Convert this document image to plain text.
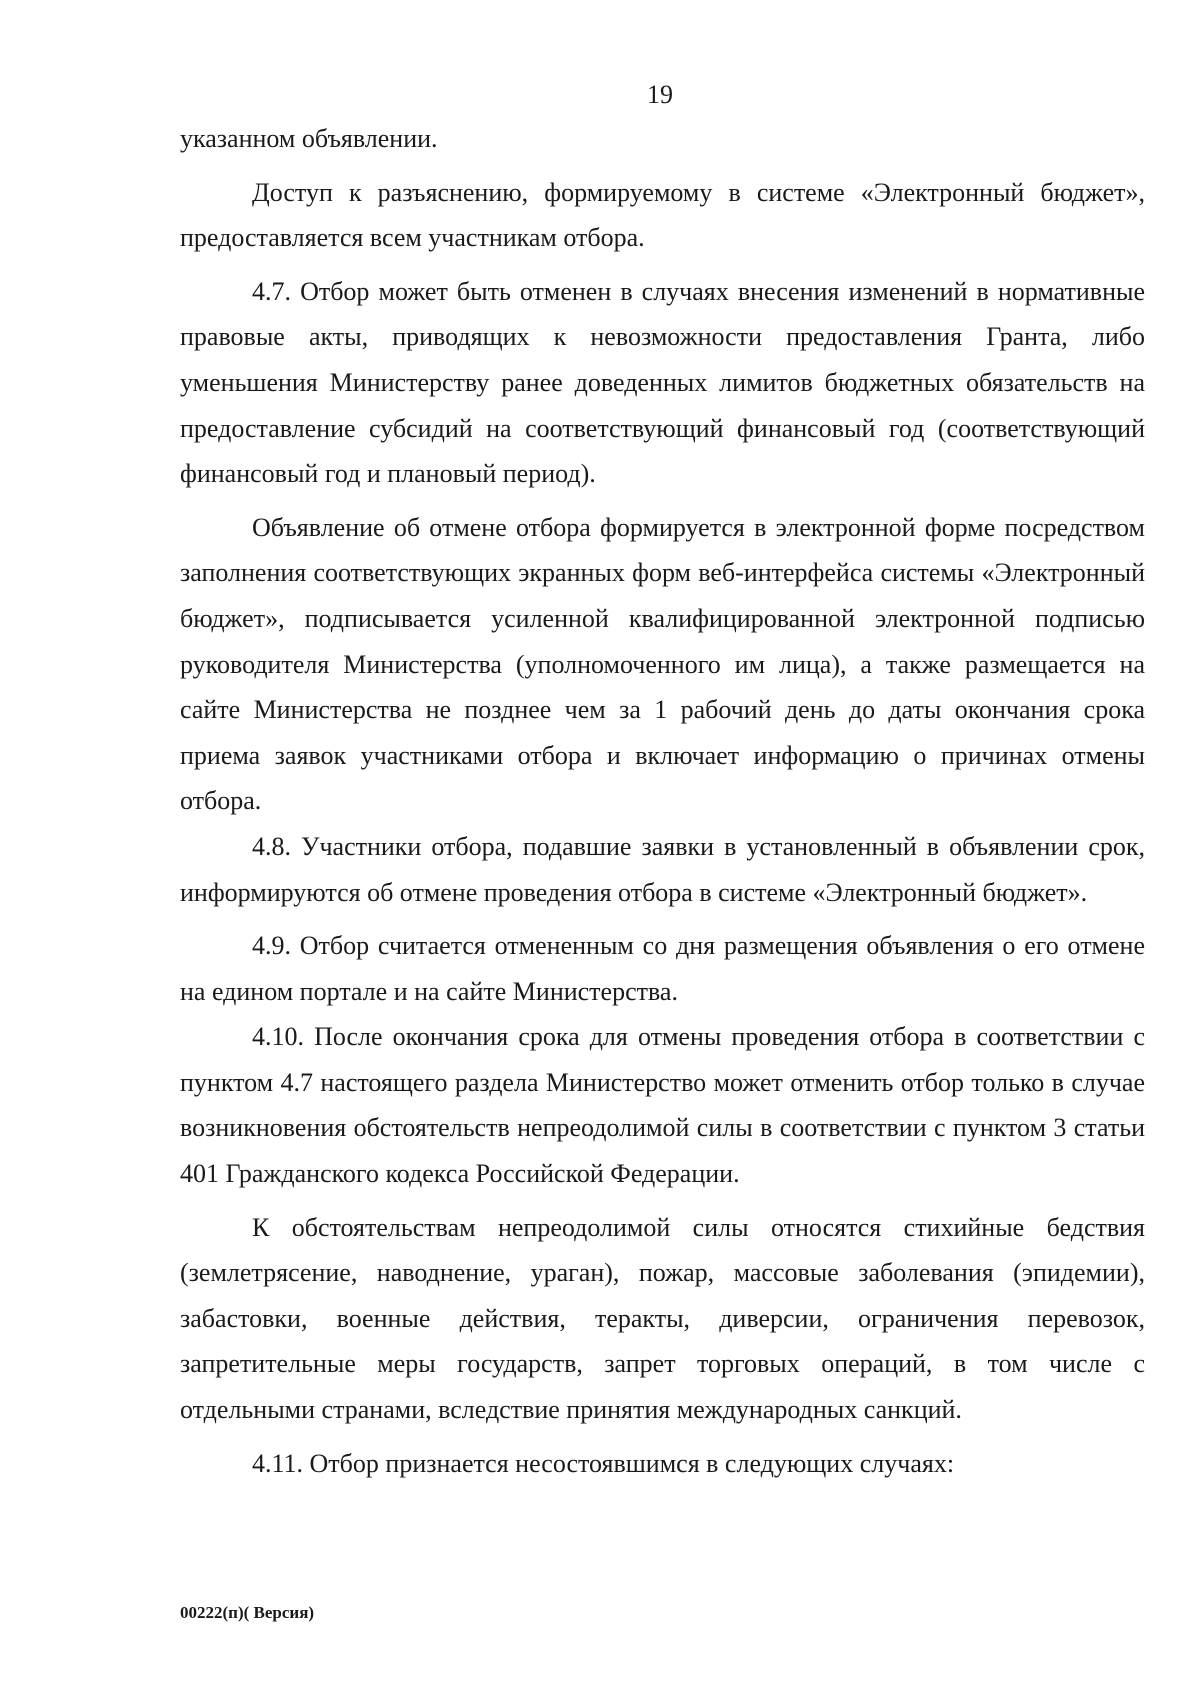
19

указанном объявлении.

Доступ к разъяснению, формируемому в системе «Электронный бюджет», предоставляется всем участникам отбора.

4.7. Отбор может быть отменен в случаях внесения изменений в нормативные правовые акты, приводящих к невозможности предоставления Гранта, либо уменьшения Министерству ранее доведенных лимитов бюджетных обязательств на предоставление субсидий на соответствующий финансовый год (соответствующий финансовый год и плановый период).

Объявление об отмене отбора формируется в электронной форме посредством заполнения соответствующих экранных форм веб-интерфейса системы «Электронный бюджет», подписывается усиленной квалифицированной электронной подписью руководителя Министерства (уполномоченного им лица), а также размещается на сайте Министерства не позднее чем за 1 рабочий день до даты окончания срока приема заявок участниками отбора и включает информацию о причинах отмены отбора.

4.8. Участники отбора, подавшие заявки в установленный в объявлении срок, информируются об отмене проведения отбора в системе «Электронный бюджет».

4.9. Отбор считается отмененным со дня размещения объявления о его отмене на едином портале и на сайте Министерства.

4.10. После окончания срока для отмены проведения отбора в соответствии с пунктом 4.7 настоящего раздела Министерство может отменить отбор только в случае возникновения обстоятельств непреодолимой силы в соответствии с пунктом 3 статьи 401 Гражданского кодекса Российской Федерации.

К обстоятельствам непреодолимой силы относятся стихийные бедствия (землетрясение, наводнение, ураган), пожар, массовые заболевания (эпидемии), забастовки, военные действия, теракты, диверсии, ограничения перевозок, запретительные меры государств, запрет торговых операций, в том числе с отдельными странами, вследствие принятия международных санкций.

4.11. Отбор признается несостоявшимся в следующих случаях:

00222(п)( Версия)
